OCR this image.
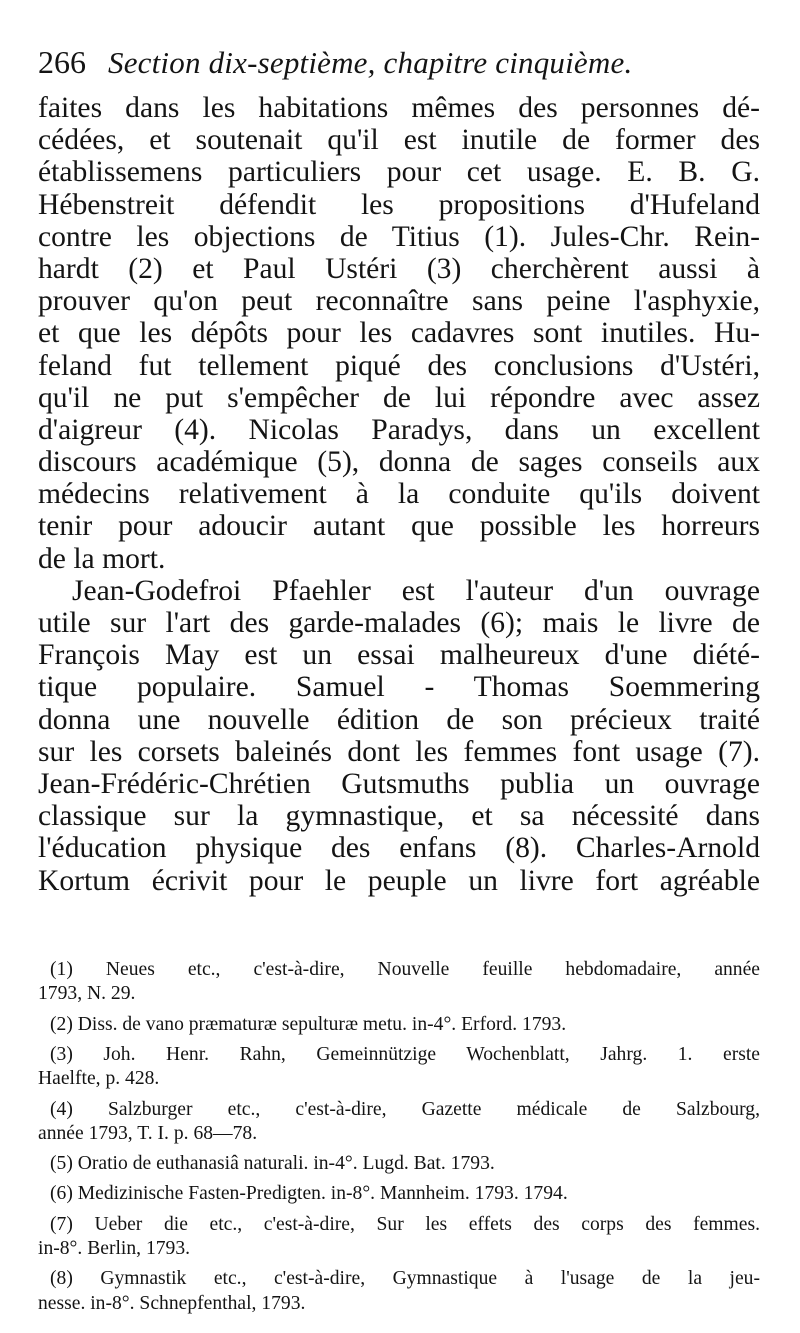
266 Section dix-septième, chapitre cinquième.
faites dans les habitations mêmes des personnes dé-
cédées, et soutenait qu'il est inutile de former des
établissemens particuliers pour cet usage. E. B. G.
Hébenstreit défendit les propositions d'Hufeland
contre les objections de Titius (1). Jules-Chr. Rein-
hardt (2) et Paul Ustéri (3) cherchèrent aussi à
prouver qu'on peut reconnaître sans peine l'asphyxie,
et que les dépôts pour les cadavres sont inutiles. Hu-
feland fut tellement piqué des conclusions d'Ustéri,
qu'il ne put s'empêcher de lui répondre avec assez
d'aigreur (4). Nicolas Paradys, dans un excellent
discours académique (5), donna de sages conseils aux
médecins relativement à la conduite qu'ils doivent
tenir pour adoucir autant que possible les horreurs
de la mort.
Jean-Godefroi Pfaehler est l'auteur d'un ouvrage
utile sur l'art des garde-malades (6); mais le livre de
François May est un essai malheureux d'une diété-
tique populaire. Samuel - Thomas Soemmering
donna une nouvelle édition de son précieux traité
sur les corsets baleinés dont les femmes font usage (7).
Jean-Frédéric-Chrétien Gutsmuths publia un ouvrage
classique sur la gymnastique, et sa nécessité dans
l'éducation physique des enfans (8). Charles-Arnold
Kortum écrivit pour le peuple un livre fort agréable
(1) Neues etc., c'est-à-dire, Nouvelle feuille hebdomadaire, année
1793, N. 29.
(2) Diss. de vano præmaturæ sepulturæ metu. in-4°. Erford. 1793.
(3) Joh. Henr. Rahn, Gemeinnützige Wochenblatt, Jahrg. 1. erste
Haelfte, p. 428.
(4) Salzburger etc., c'est-à-dire, Gazette médicale de Salzbourg,
année 1793, T. I. p. 68—78.
(5) Oratio de euthanasiâ naturali. in-4°. Lugd. Bat. 1793.
(6) Medizinische Fasten-Predigten. in-8°. Mannheim. 1793. 1794.
(7) Ueber die etc., c'est-à-dire, Sur les effets des corps des femmes.
in-8°. Berlin, 1793.
(8) Gymnastik etc., c'est-à-dire, Gymnastique à l'usage de la jeu-
nesse. in-8°. Schnepfenthal, 1793.
